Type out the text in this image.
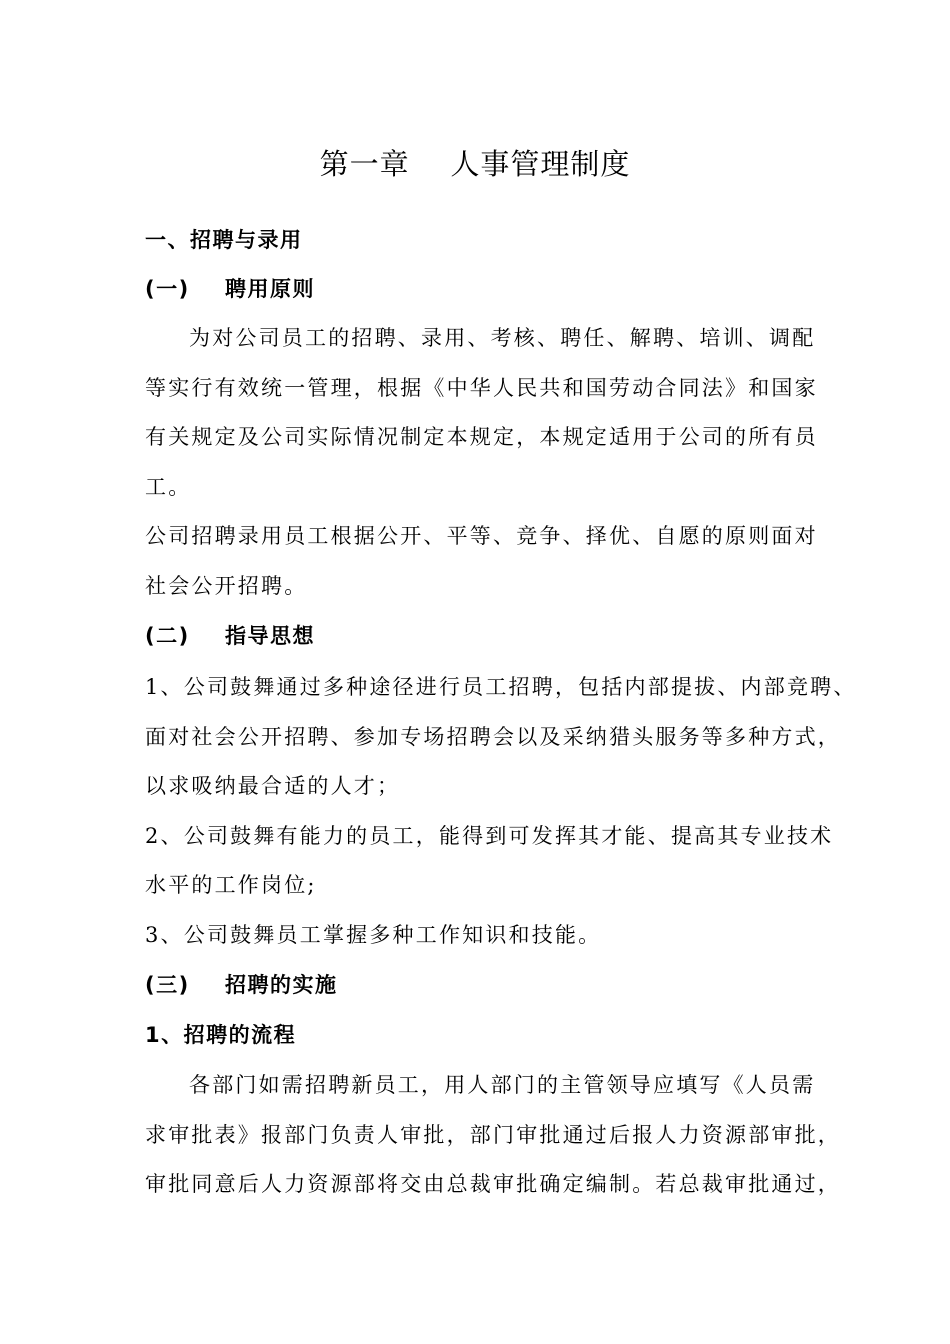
第一章    人事管理制度
一、招聘与录用
(一)    聘用原则
为对公司员工的招聘、录用、考核、聘任、解聘、培训、调配
等实行有效统一管理，根据《中华人民共和国劳动合同法》和国家
有关规定及公司实际情况制定本规定，本规定适用于公司的所有员
工。
公司招聘录用员工根据公开、平等、竞争、择优、自愿的原则面对
社会公开招聘。
(二)    指导思想
1、公司鼓舞通过多种途径进行员工招聘，包括内部提拔、内部竞聘、
面对社会公开招聘、参加专场招聘会以及采纳猎头服务等多种方式，
以求吸纳最合适的人才；
2、公司鼓舞有能力的员工，能得到可发挥其才能、提高其专业技术
水平的工作岗位;
3、公司鼓舞员工掌握多种工作知识和技能。
(三)    招聘的实施
1、招聘的流程
各部门如需招聘新员工，用人部门的主管领导应填写《人员需
求审批表》报部门负责人审批，部门审批通过后报人力资源部审批，
审批同意后人力资源部将交由总裁审批确定编制。若总裁审批通过，
